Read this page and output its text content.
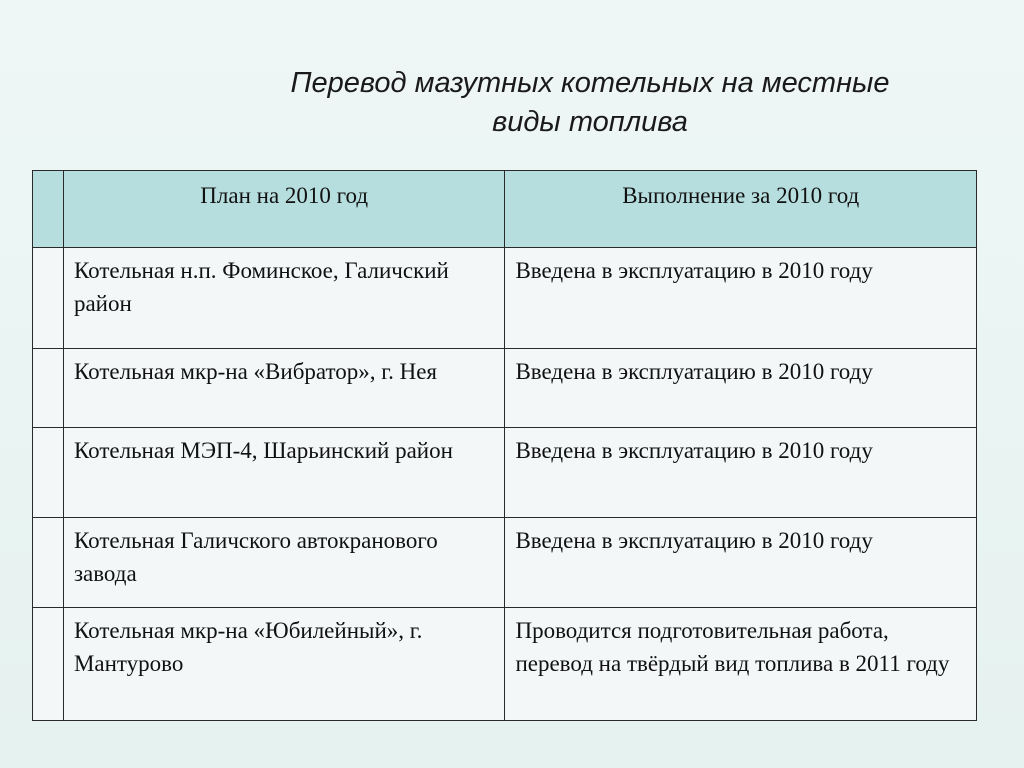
Перевод мазутных котельных на местные
виды топлива
	План на 2010 год	Выполнение за 2010 год
	Котельная н.п. Фоминское, Галичский район	Введена в эксплуатацию в 2010 году
	Котельная мкр-на «Вибратор», г. Нея	Введена в эксплуатацию в 2010 году
	Котельная МЭП-4, Шарьинский район	Введена в эксплуатацию в 2010 году
	Котельная Галичского автокранового завода	Введена в эксплуатацию в 2010 году
	Котельная мкр-на «Юбилейный», г. Мантурово	Проводится подготовительная работа, перевод на твёрдый вид топлива в 2011 году
